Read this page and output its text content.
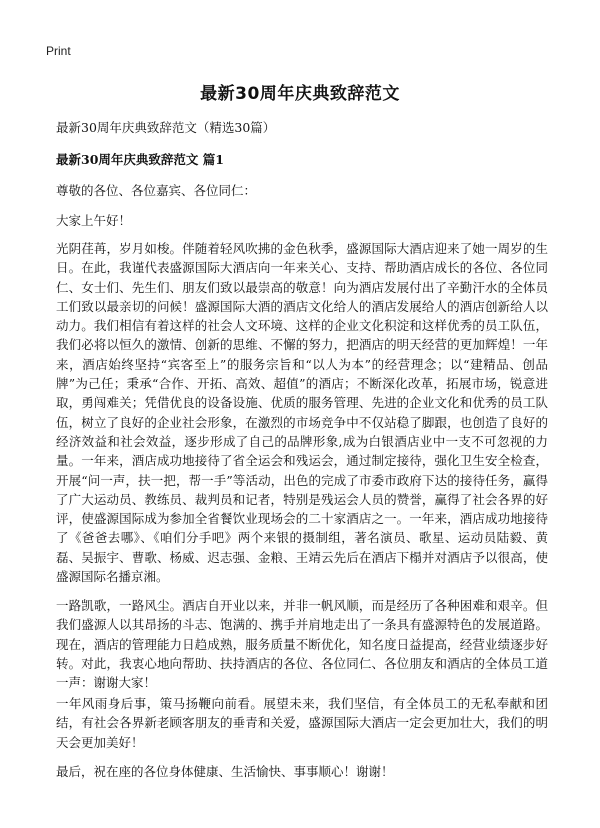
Print
最新30周年庆典致辞范文
最新30周年庆典致辞范文（精选30篇）
最新30周年庆典致辞范文 篇1
尊敬的各位、各位嘉宾、各位同仁：
大家上午好！
光阴荏苒，岁月如梭。伴随着轻风吹拂的金色秋季，盛源国际大酒店迎来了她一周岁的生日。在此，我谨代表盛源国际大酒店向一年来关心、支持、帮助酒店成长的各位、各位同仁、女士们、先生们、朋友们致以最崇高的敬意！向为酒店发展付出了辛勤汗水的全体员工们致以最亲切的问候！盛源国际大酒的酒店文化给人的酒店发展给人的酒店创新给人以动力。我们相信有着这样的社会人文环境、这样的企业文化积淀和这样优秀的员工队伍，我们必将以恒久的激情、创新的思维、不懈的努力，把酒店的明天经营的更加辉煌！一年来，酒店始终坚持“宾客至上”的服务宗旨和“以人为本”的经营理念；以“建精品、创品牌”为己任；秉承“合作、开拓、高效、超值”的酒店；不断深化改革，拓展市场，锐意进取，勇闯难关；凭借优良的设备设施、优质的服务管理、先进的企业文化和优秀的员工队伍，树立了良好的企业社会形象，在激烈的市场竞争中不仅站稳了脚跟，也创造了良好的经济效益和社会效益，逐步形成了自己的品牌形象,成为白银酒店业中一支不可忽视的力量。一年来，酒店成功地接待了省全运会和残运会，通过制定接待，强化卫生安全检查，开展“问一声，扶一把，帮一手”等活动，出色的完成了市委市政府下达的接待任务，赢得了广大运动员、教练员、裁判员和记者，特别是残运会人员的赞誉，赢得了社会各界的好评，使盛源国际成为参加全省餐饮业现场会的二十家酒店之一。一年来，酒店成功地接待了《爸爸去哪》、《咱们分手吧》两个来银的摄制组，著名演员、歌星、运动员陆毅、黄磊、吴振宇、曹歌、杨威、迟志强、金粮、王靖云先后在酒店下榻并对酒店予以很高，使盛源国际名播京湘。
一路凯歌，一路风尘。酒店自开业以来，并非一帆风顺，而是经历了各种困难和艰辛。但我们盛源人以其昂扬的斗志、饱满的、携手并肩地走出了一条具有盛源特色的发展道路。现在，酒店的管理能力日趋成熟，服务质量不断优化，知名度日益提高，经营业绩逐步好转。对此，我衷心地向帮助、扶持酒店的各位、各位同仁、各位朋友和酒店的全体员工道一声：谢谢大家！
一年风雨身后事，策马扬鞭向前看。展望未来，我们坚信，有全体员工的无私奉献和团结，有社会各界新老顾客朋友的垂青和关爱，盛源国际大酒店一定会更加壮大，我们的明天会更加美好！
最后，祝在座的各位身体健康、生活愉快、事事顺心！谢谢！
